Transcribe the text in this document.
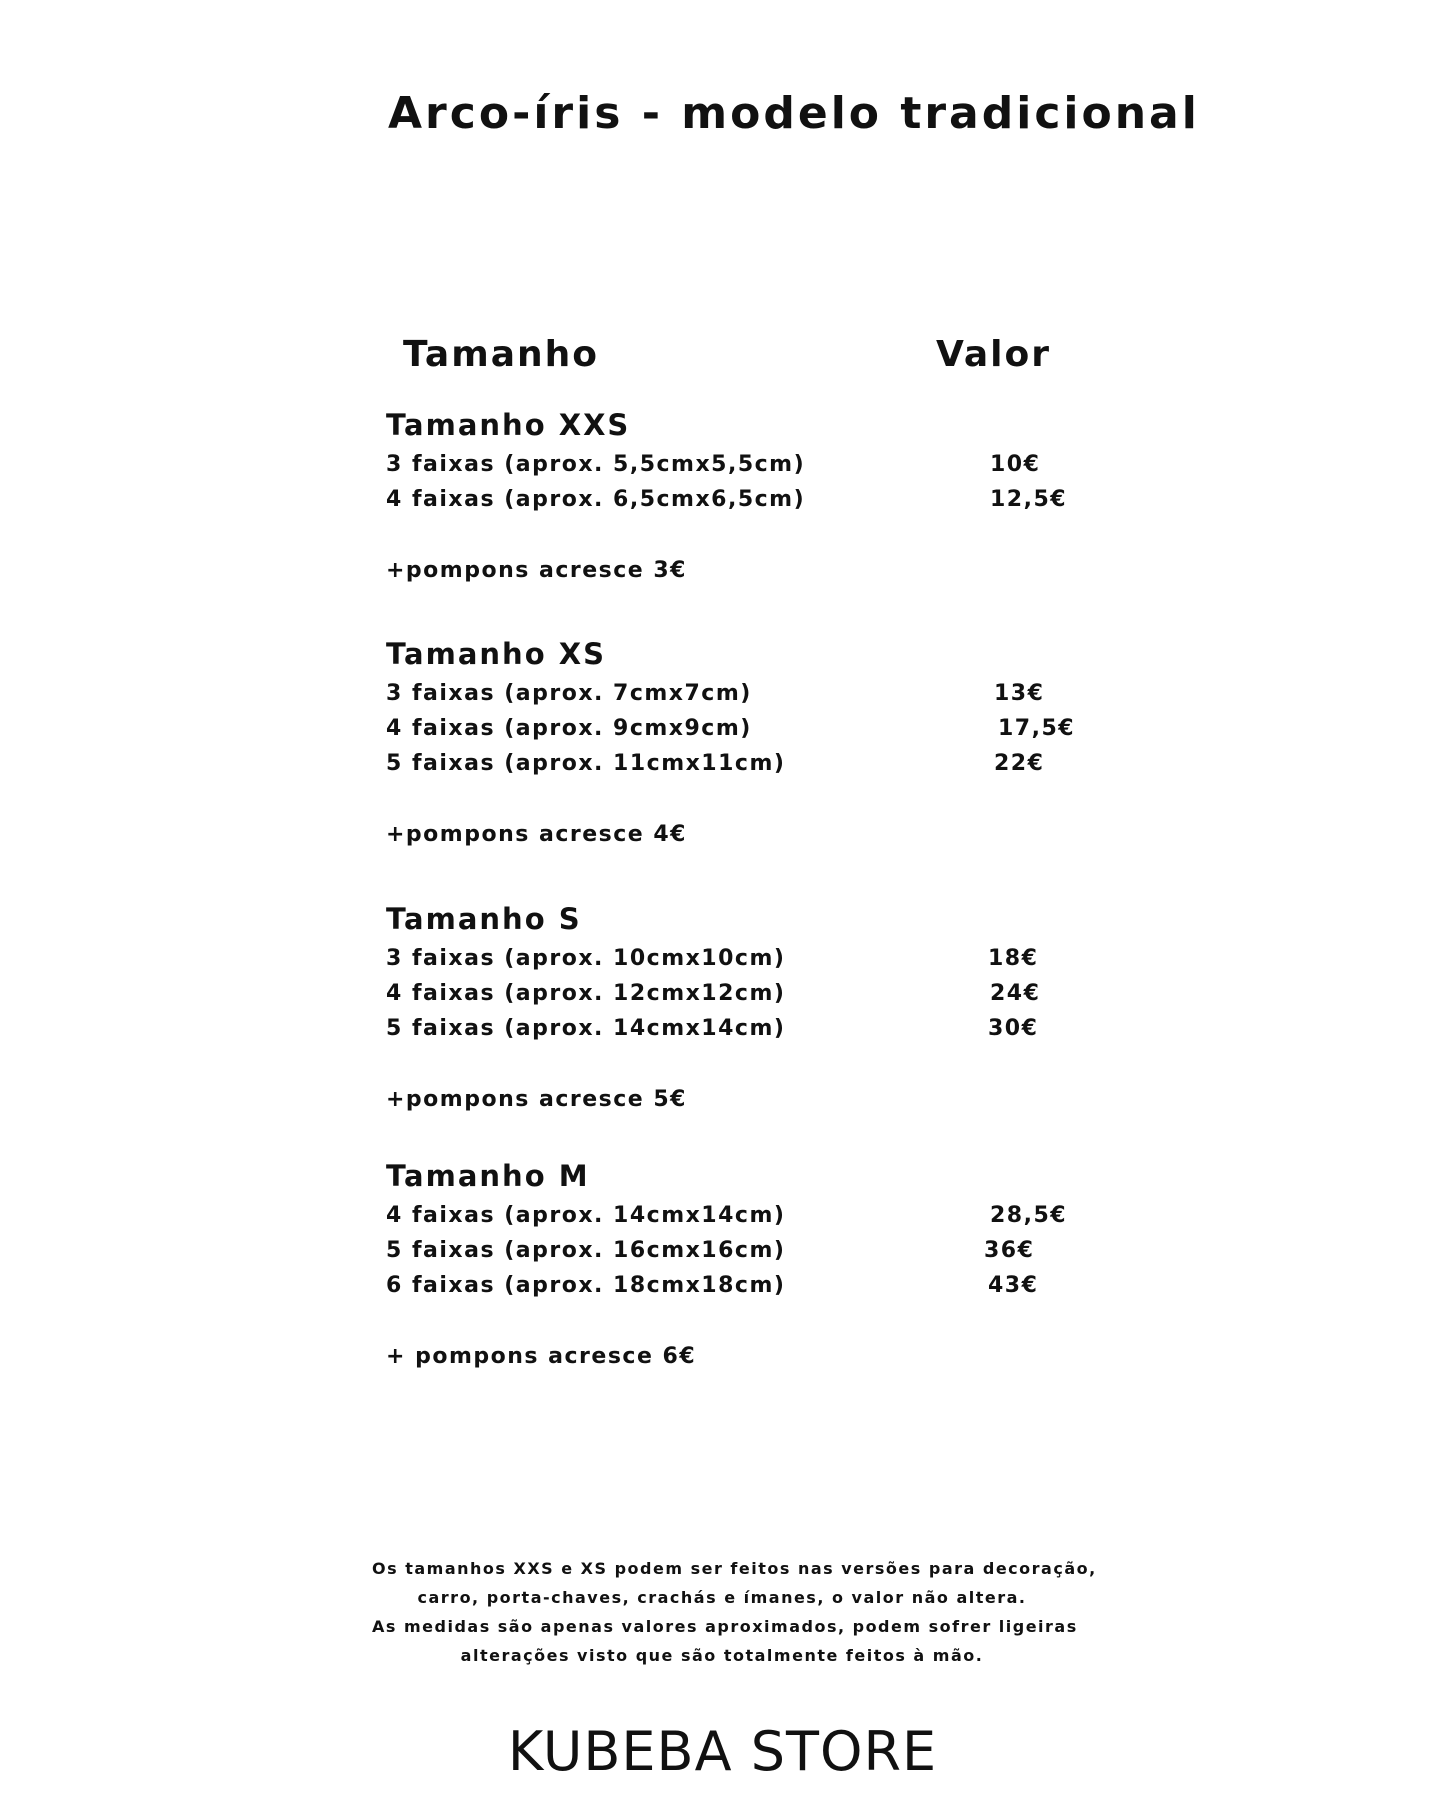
Arco-íris - modelo tradicional
Tamanho	Valor
Tamanho XXS
3 faixas (aprox. 5,5cmx5,5cm)	10€
4 faixas (aprox. 6,5cmx6,5cm)	12,5€
+pompons acresce 3€
Tamanho XS
3 faixas (aprox. 7cmx7cm)	13€
4 faixas (aprox. 9cmx9cm)	17,5€
5 faixas (aprox. 11cmx11cm)	22€
+pompons acresce 4€
Tamanho S
3 faixas (aprox. 10cmx10cm)	18€
4 faixas (aprox. 12cmx12cm)	24€
5 faixas (aprox. 14cmx14cm)	30€
+pompons acresce 5€
Tamanho M
4 faixas (aprox. 14cmx14cm)	28,5€
5 faixas (aprox. 16cmx16cm)	36€
6 faixas (aprox. 18cmx18cm)	43€
+ pompons acresce 6€
Os tamanhos XXS e XS podem ser feitos nas versões para decoração,
carro, porta-chaves, crachás e ímanes, o valor não altera.
As medidas são apenas valores aproximados, podem sofrer ligeiras
alterações visto que são totalmente feitos à mão.
KUBEBA STORE
